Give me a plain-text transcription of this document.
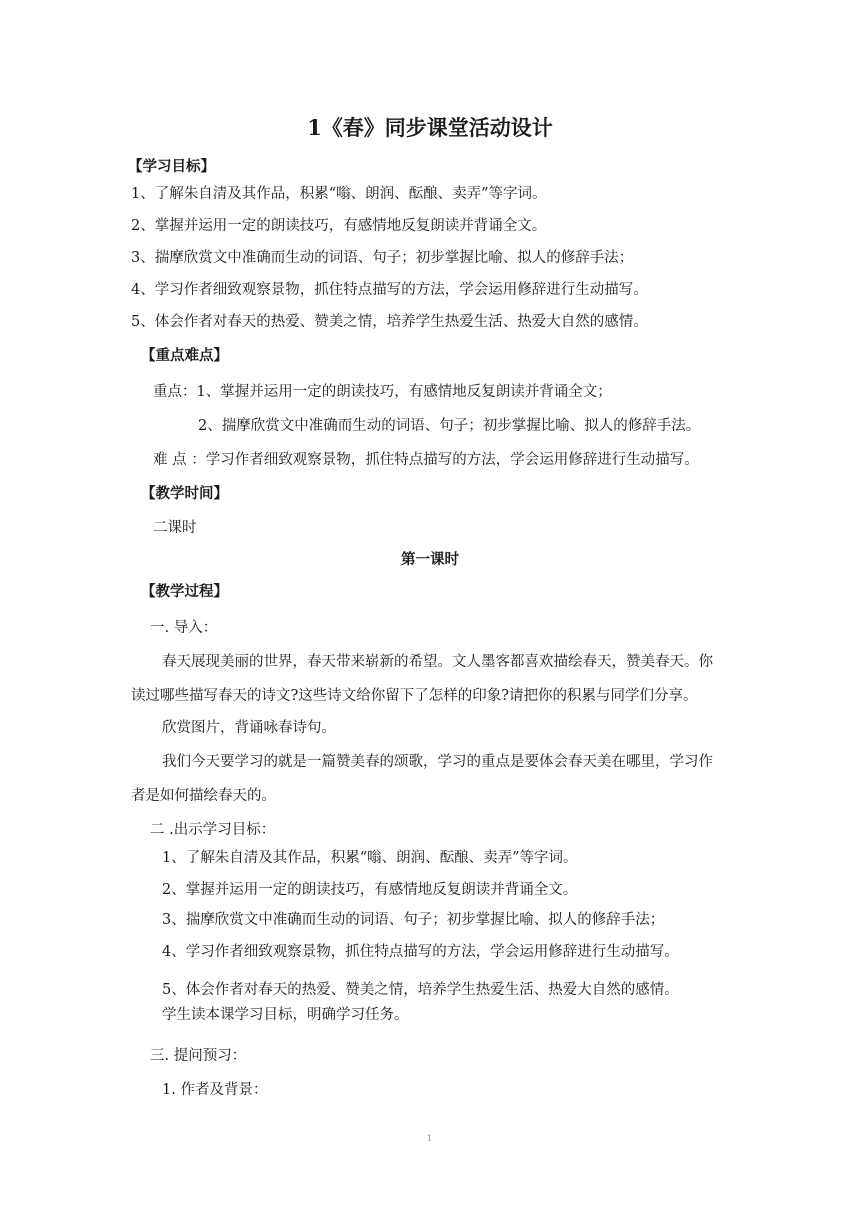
1《春》同步课堂活动设计
【学习目标】
1、了解朱自清及其作品，积累“嗡、朗润、酝酿、卖弄”等字词。
2、掌握并运用一定的朗读技巧，有感情地反复朗读并背诵全文。
3、揣摩欣赏文中准确而生动的词语、句子；初步掌握比喻、拟人的修辞手法；
4、学习作者细致观察景物，抓住特点描写的方法，学会运用修辞进行生动描写。
5、体会作者对春天的热爱、赞美之情，培养学生热爱生活、热爱大自然的感情。
【重点难点】
重点：1、掌握并运用一定的朗读技巧，有感情地反复朗读并背诵全文；
2、揣摩欣赏文中准确而生动的词语、句子；初步掌握比喻、拟人的修辞手法。
难 点 ：学习作者细致观察景物，抓住特点描写的方法，学会运用修辞进行生动描写。
【教学时间】
二课时
第一课时
【教学过程】
一. 导入：
春天展现美丽的世界，春天带来崭新的希望。文人墨客都喜欢描绘春天，赞美春天。你
读过哪些描写春天的诗文?这些诗文给你留下了怎样的印象?请把你的积累与同学们分享。
欣赏图片，背诵咏春诗句。
我们今天要学习的就是一篇赞美春的颂歌，学习的重点是要体会春天美在哪里，学习作
者是如何描绘春天的。
二 .出示学习目标：
1、了解朱自清及其作品，积累“嗡、朗润、酝酿、卖弄”等字词。
2、掌握并运用一定的朗读技巧，有感情地反复朗读并背诵全文。
3、揣摩欣赏文中准确而生动的词语、句子；初步掌握比喻、拟人的修辞手法；
4、学习作者细致观察景物，抓住特点描写的方法，学会运用修辞进行生动描写。
5、体会作者对春天的热爱、赞美之情，培养学生热爱生活、热爱大自然的感情。
学生读本课学习目标，明确学习任务。
三. 提问预习：
1. 作者及背景：
1
